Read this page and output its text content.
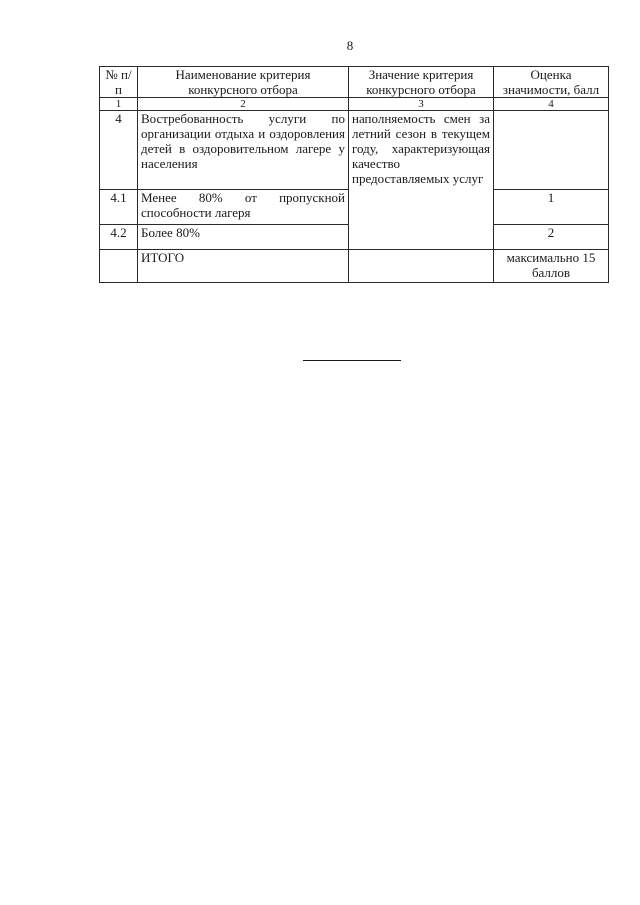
8
№ п/п	Наименование критерия конкурсного отбора	Значение критерия конкурсного отбора	Оценка значимости, балл
1	2	3	4
4	Востребованность услуги по организации отдыха и оздоровления детей в оздоровительном лагере у населения	наполняемость смен за летний сезон в текущем году, характеризующая качество предоставляемых услуг	
4.1	Менее 80% от пропускной способности лагеря		1
4.2	Более 80%		2
	ИТОГО		максимально 15 баллов
